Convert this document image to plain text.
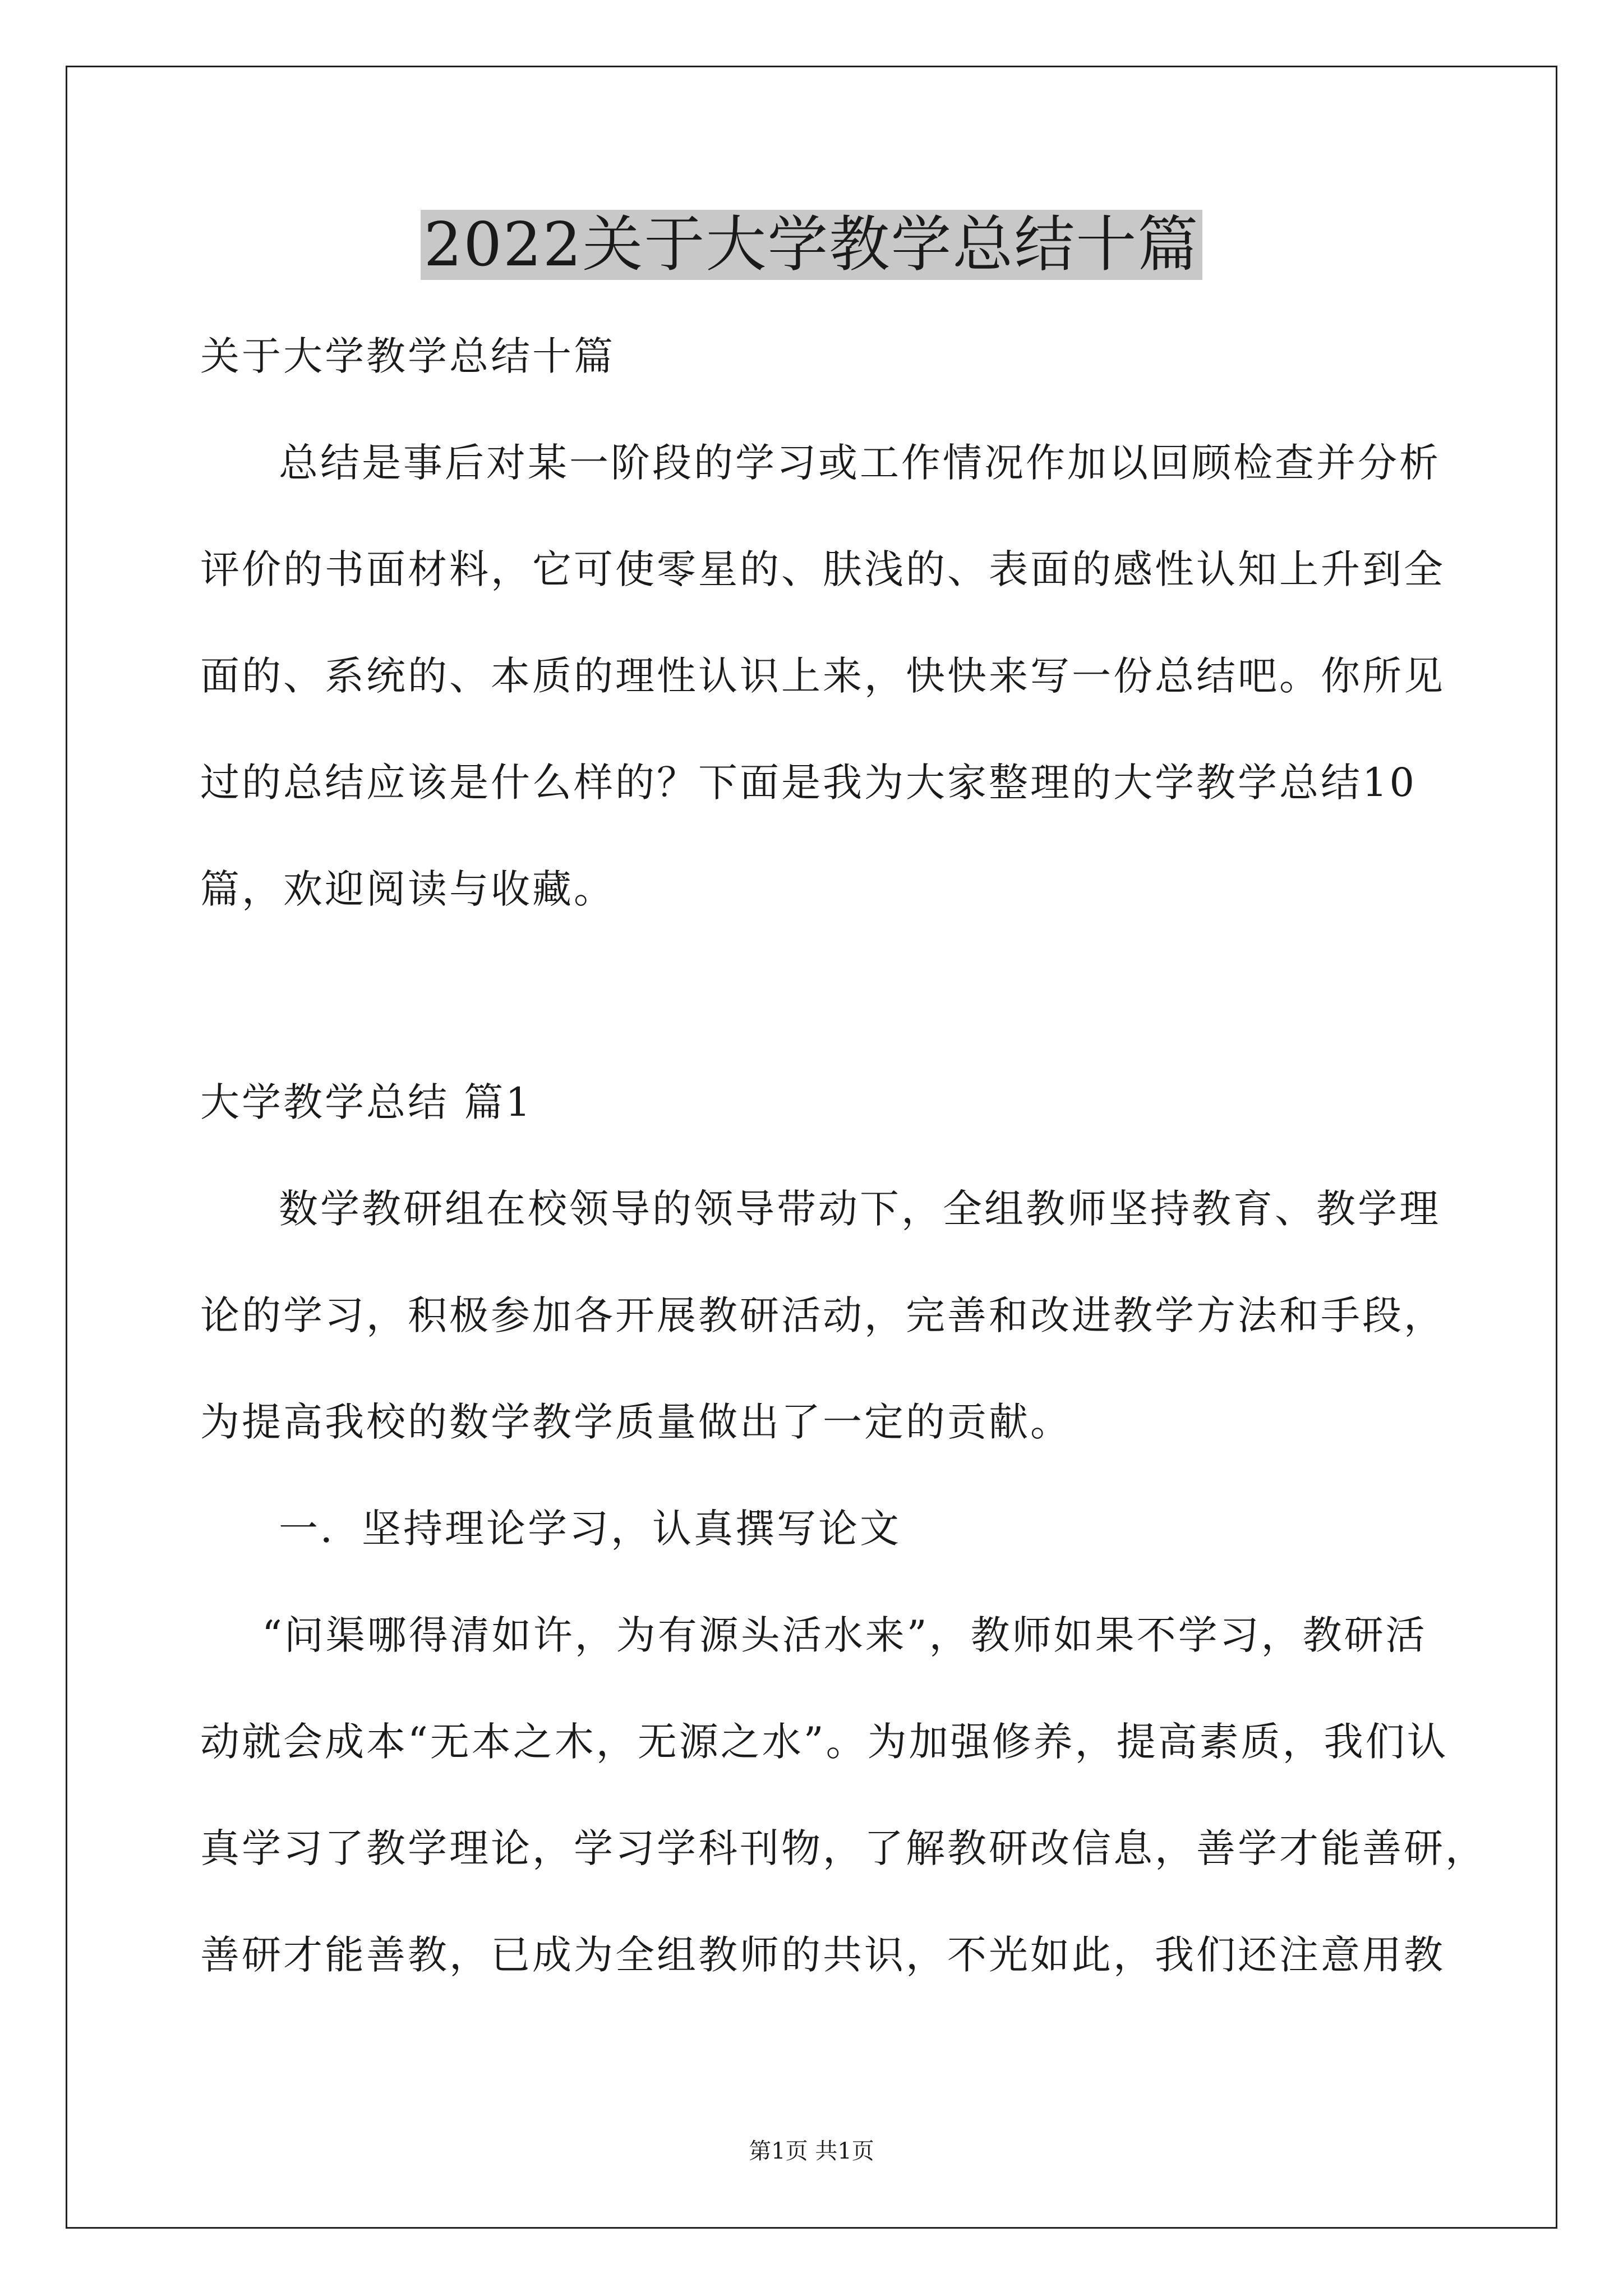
2022关于大学教学总结十篇
关于大学教学总结十篇
总结是事后对某一阶段的学习或工作情况作加以回顾检查并分析
评价的书面材料，它可使零星的、肤浅的、表面的感性认知上升到全
面的、系统的、本质的理性认识上来，快快来写一份总结吧。你所见
过的总结应该是什么样的？下面是我为大家整理的大学教学总结10
篇，欢迎阅读与收藏。
大学教学总结 篇1
数学教研组在校领导的领导带动下，全组教师坚持教育、教学理
论的学习，积极参加各开展教研活动，完善和改进教学方法和手段，
为提高我校的数学教学质量做出了一定的贡献。
一．坚持理论学习，认真撰写论文
“问渠哪得清如许，为有源头活水来”，教师如果不学习，教研活
动就会成本“无本之木，无源之水”。为加强修养，提高素质，我们认
真学习了教学理论，学习学科刊物，了解教研改信息，善学才能善研，
善研才能善教，已成为全组教师的共识，不光如此，我们还注意用教
第1页 共1页
